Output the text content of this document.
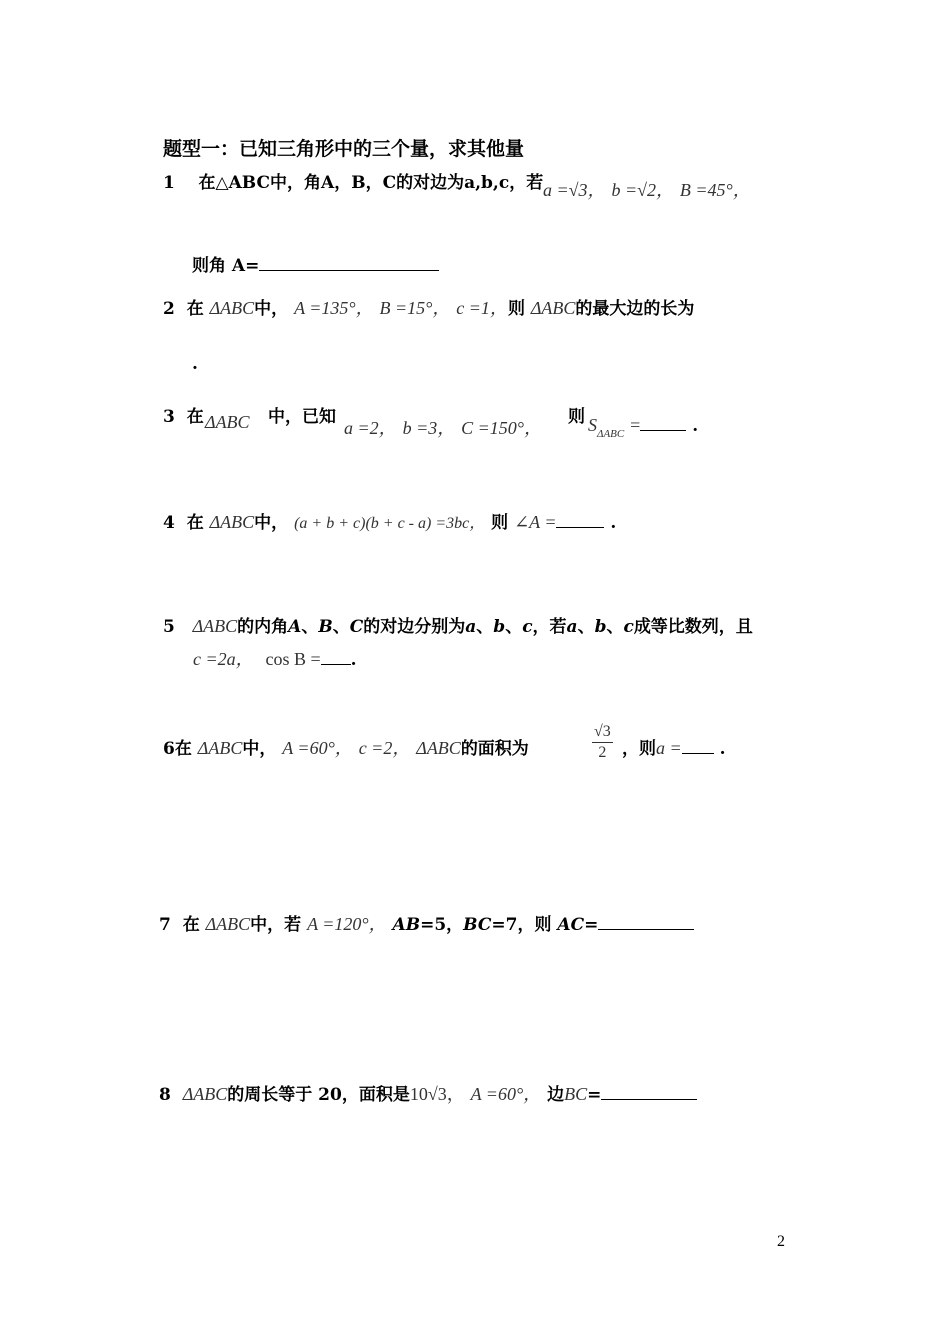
题型一：已知三角形中的三个量，求其他量
1 在△ABC中，角A，B，C的对边为a,b,c，若 a =√3， b =√2， B =45°，
则角 A=
2 在 ΔABC中， A =135°， B =15°， c =1，则 ΔABC的最大边的长为
.
3 在 ΔABC 中，已知
a =2， b =3， C =150°，
则 $S_{\Delta ABC}$ =	.
4 在 ΔABC中， (a + b + c)(b + c - a) =3bc， 则 ∠A =	.
5 ΔABC的内角A、B、C的对边分别为a、b、c，若a、b、c成等比数列，且
c =2a， cos B = .
6在 ΔABC中， A =60°， c =2， ΔABC的面积为	$\frac{√3}{2}$ ，则a = .
7 在 ΔABC中，若 A =120°， AB=5，BC=7，则 AC=
8 ΔABC的周长等于 20，面积是10√3， A =60°， 边BC=
2
